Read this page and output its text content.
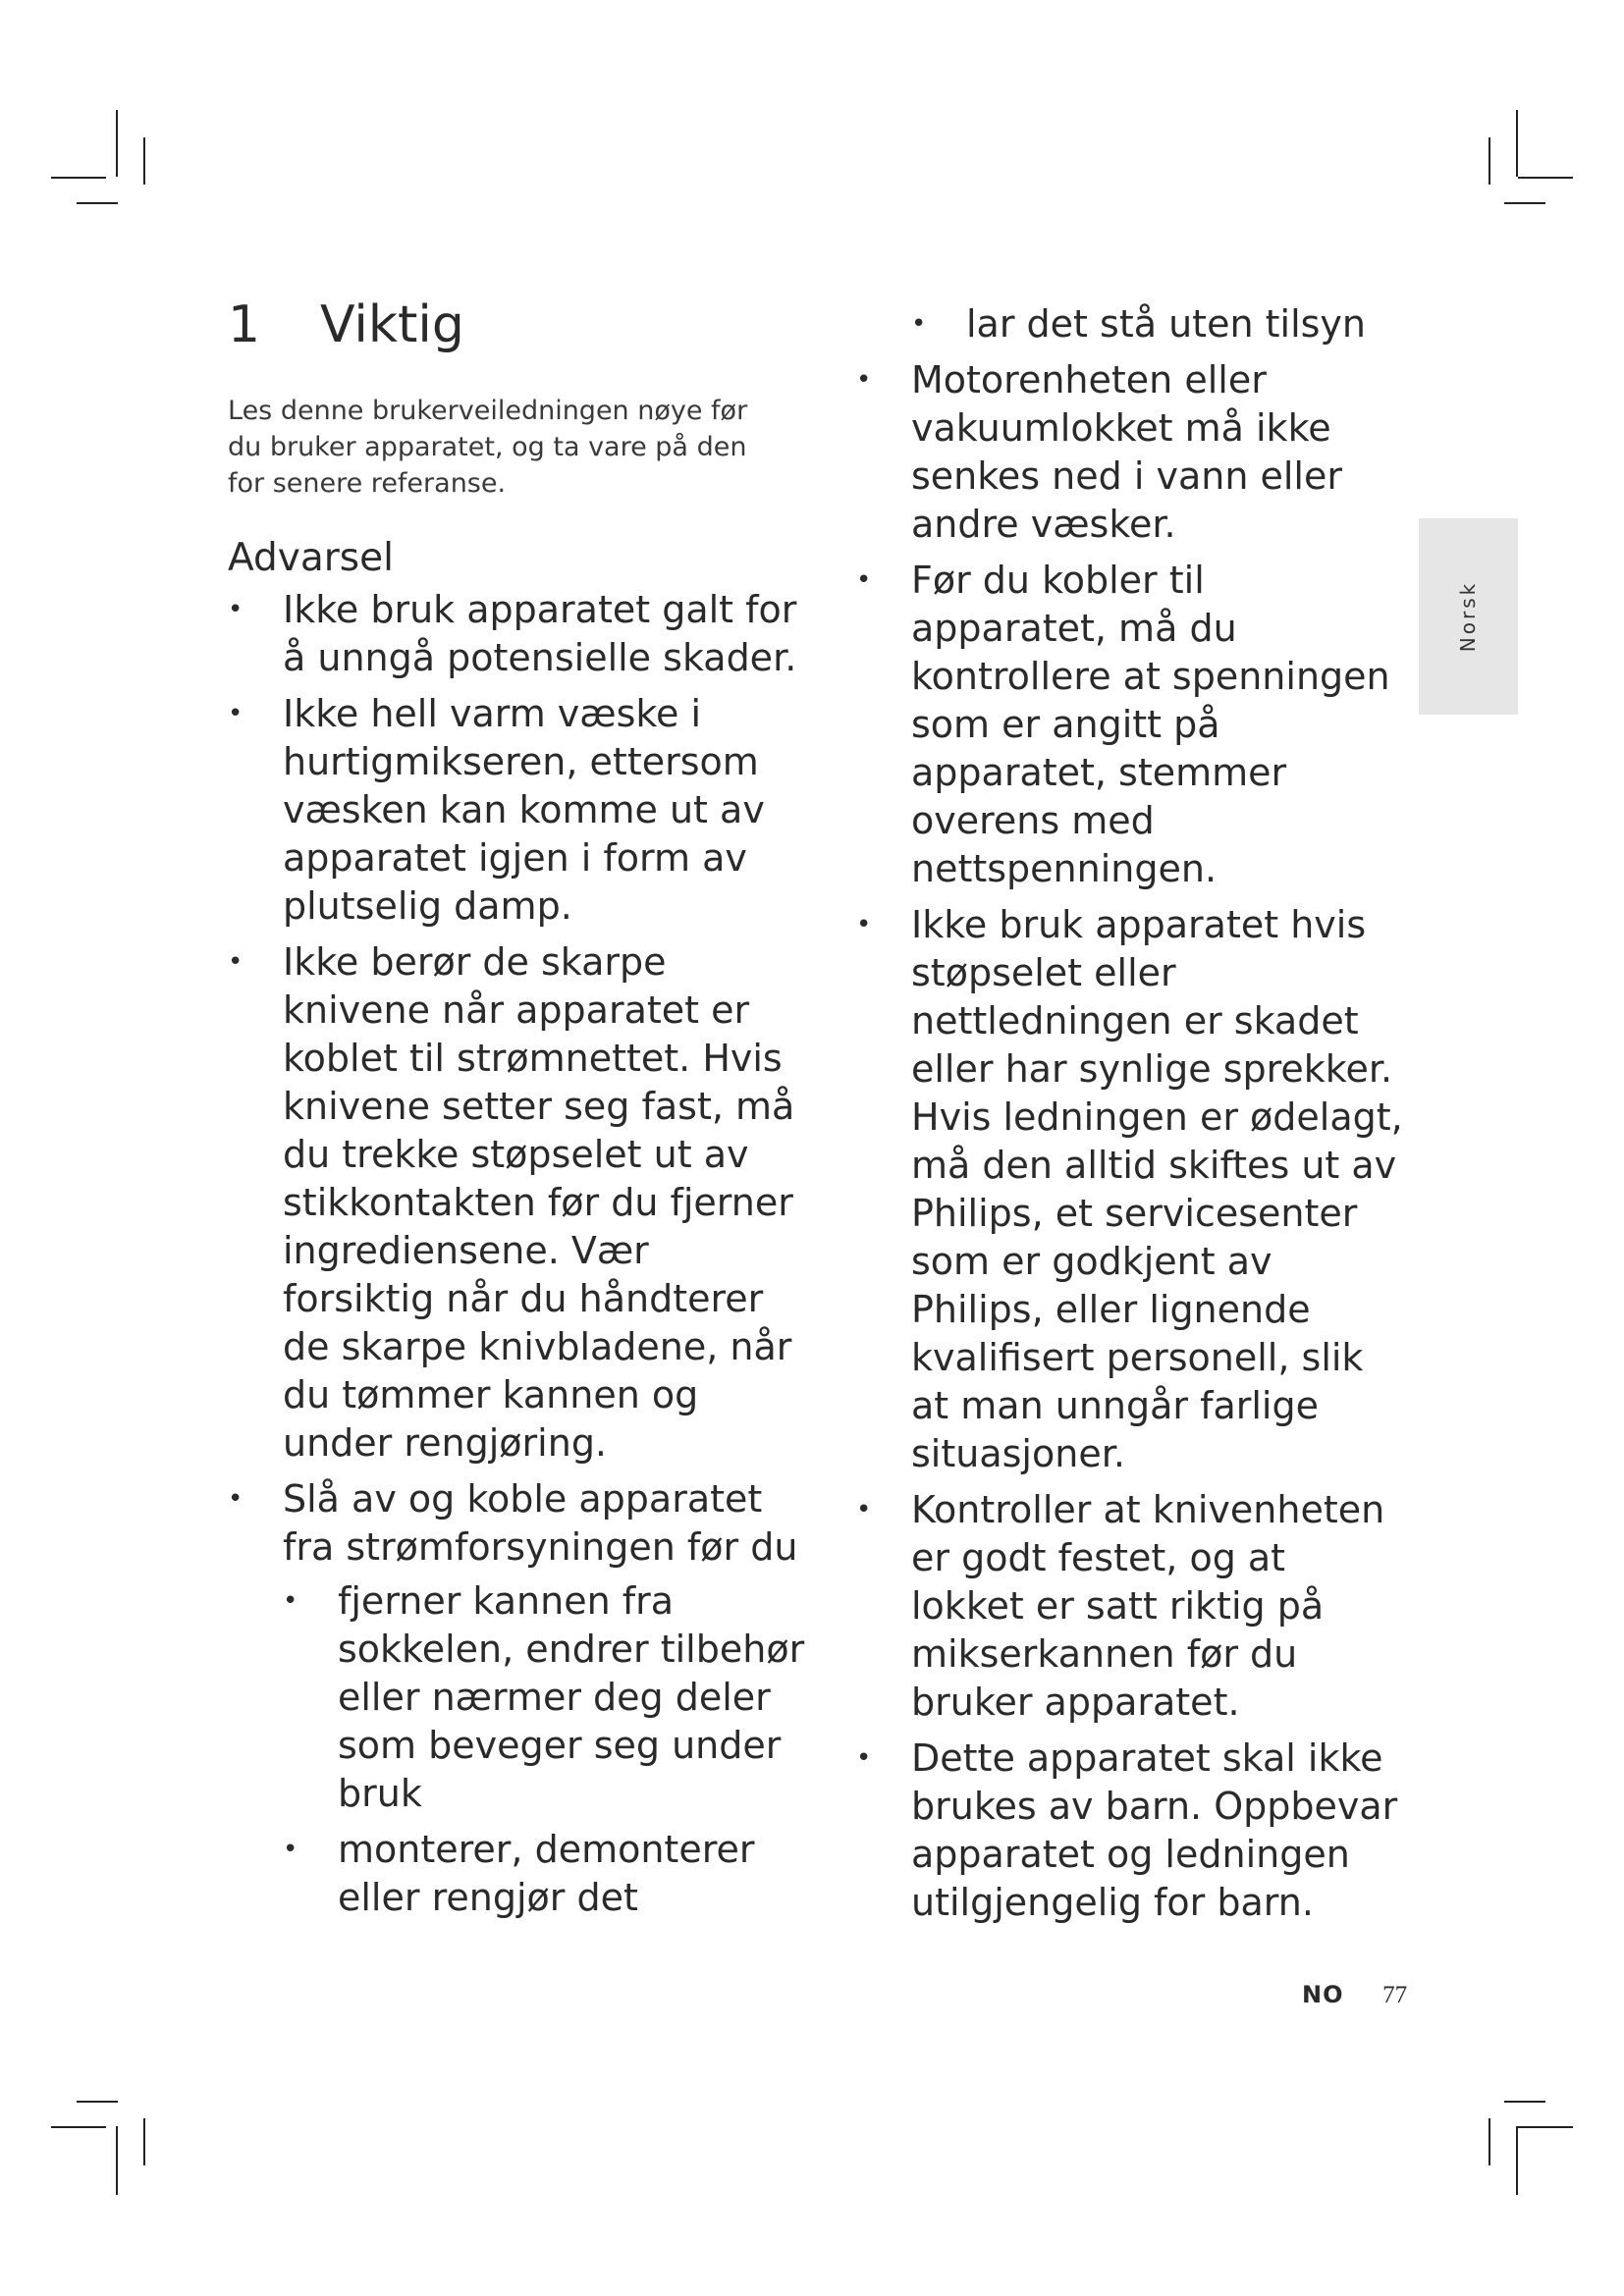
1	Viktig

Les denne brukerveiledningen nøye før du bruker apparatet, og ta vare på den for senere referanse.

Advarsel
•	Ikke bruk apparatet galt for å unngå potensielle skader.
•	Ikke hell varm væske i hurtigmikseren, ettersom væsken kan komme ut av apparatet igjen i form av plutselig damp.
•	Ikke berør de skarpe knivene når apparatet er koblet til strømnettet. Hvis knivene setter seg fast, må du trekke støpselet ut av stikkontakten før du fjerner ingrediensene. Vær forsiktig når du håndterer de skarpe knivbladene, når du tømmer kannen og under rengjøring.
•	Slå av og koble apparatet fra strømforsyningen før du
•	fjerner kannen fra sokkelen, endrer tilbehør eller nærmer deg deler som beveger seg under bruk
•	monterer, demonterer eller rengjør det
•	lar det stå uten tilsyn
•	Motorenheten eller vakuumlokket må ikke senkes ned i vann eller andre væsker.
•	Før du kobler til apparatet, må du kontrollere at spenningen som er angitt på apparatet, stemmer overens med nettspenningen.
•	Ikke bruk apparatet hvis støpselet eller nettledningen er skadet eller har synlige sprekker. Hvis ledningen er ødelagt, må den alltid skiftes ut av Philips, et servicesenter som er godkjent av Philips, eller lignende kvalifisert personell, slik at man unngår farlige situasjoner.
•	Kontroller at knivenheten er godt festet, og at lokket er satt riktig på mikserkannen før du bruker apparatet.
•	Dette apparatet skal ikke brukes av barn. Oppbevar apparatet og ledningen utilgjengelig for barn.
Norsk
NO 77
